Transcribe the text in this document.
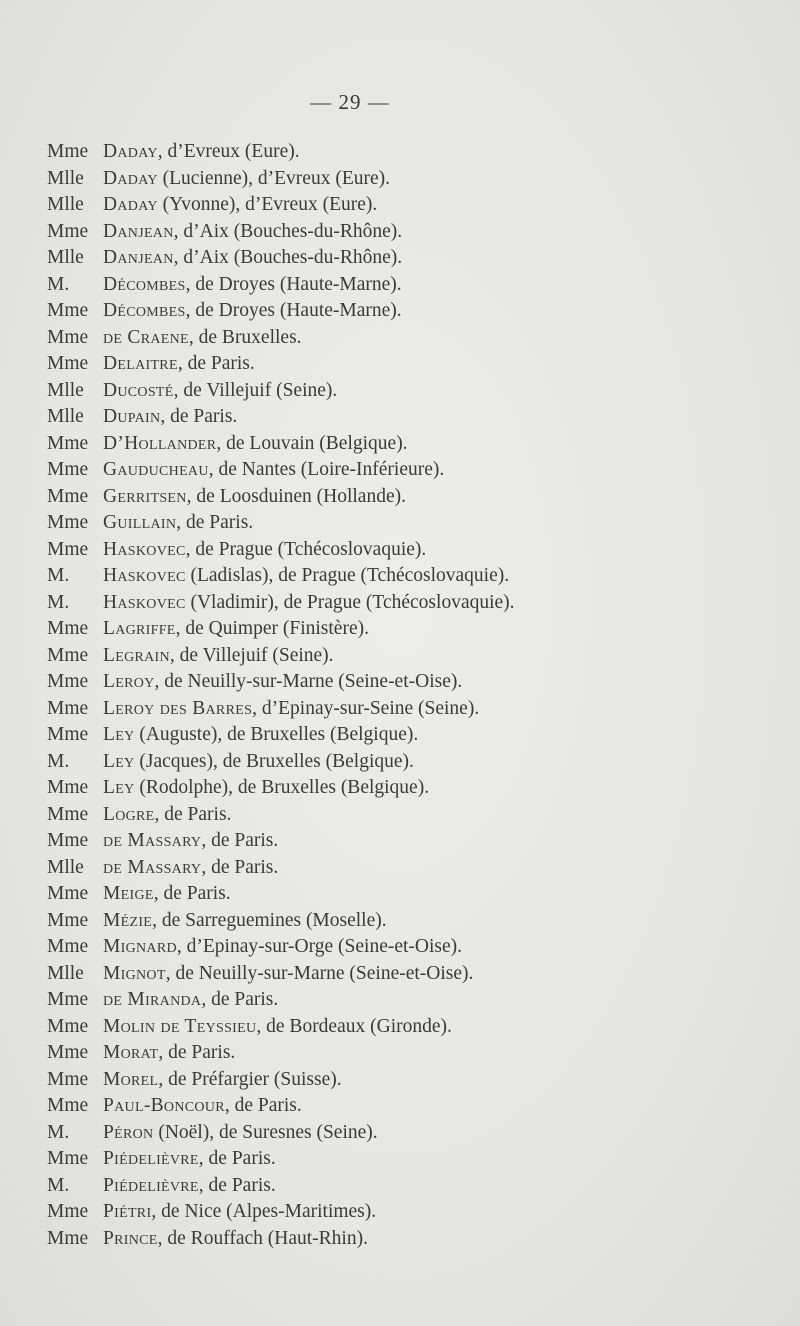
— 29 —
Mme Daday , d’Evreux (Eure).
Mlle Daday (Lucienne), d’Evreux (Eure).
Mlle Daday (Yvonne), d’Evreux (Eure).
Mme Danjean , d’Aix (Bouches-du-Rhône).
Mlle Danjean , d’Aix (Bouches-du-Rhône).
M.	Décombes , de Droyes (Haute-Marne).
Mme Décombes , de Droyes (Haute-Marne).
Mme de Craene , de Bruxelles.
Mme Delaitre , de Paris.
Mlle Ducosté , de Villejuif (Seine).
Mlle Dupain , de Paris.
Mme D’Hollander , de Louvain (Belgique).
Mme Gauducheau , de Nantes (Loire-Inférieure).
Mme Gerritsen , de Loosduinen (Hollande).
Mme Guillain , de Paris.
Mme Haskovec , de Prague (Tchécoslovaquie).
M.	Haskovec (Ladislas), de Prague (Tchécoslovaquie).
M.	Haskovec (Vladimir), de Prague (Tchécoslovaquie).
Mme Lagriffe , de Quimper (Finistère).
Mme Legrain , de Villejuif (Seine).
Mme Leroy , de Neuilly-sur-Marne (Seine-et-Oise).
Mme Leroy des Barres , d’Epinay-sur-Seine (Seine).
Mme Ley (Auguste), de Bruxelles (Belgique).
M.	Ley (Jacques), de Bruxelles (Belgique).
Mme Ley (Rodolphe), de Bruxelles (Belgique).
Mme Logre , de Paris.
Mme de Massary , de Paris.
Mlle de Massary , de Paris.
Mme Meige , de Paris.
Mme Mézie , de Sarreguemines (Moselle).
Mme Mignard , d’Epinay-sur-Orge (Seine-et-Oise).
Mlle Mignot , de Neuilly-sur-Marne (Seine-et-Oise).
Mme de Miranda , de Paris.
Mme Molin de Teyssieu , de Bordeaux (Gironde).
Mme Morat , de Paris.
Mme Morel , de Préfargier (Suisse).
Mme Paul-Boncour , de Paris.
M.	Péron (Noël), de Suresnes (Seine).
Mme Piédelièvre , de Paris.
M.	Piédelièvre , de Paris.
Mme Piétri , de Nice (Alpes-Maritimes).
Mme Prince , de Rouffach (Haut-Rhin).
